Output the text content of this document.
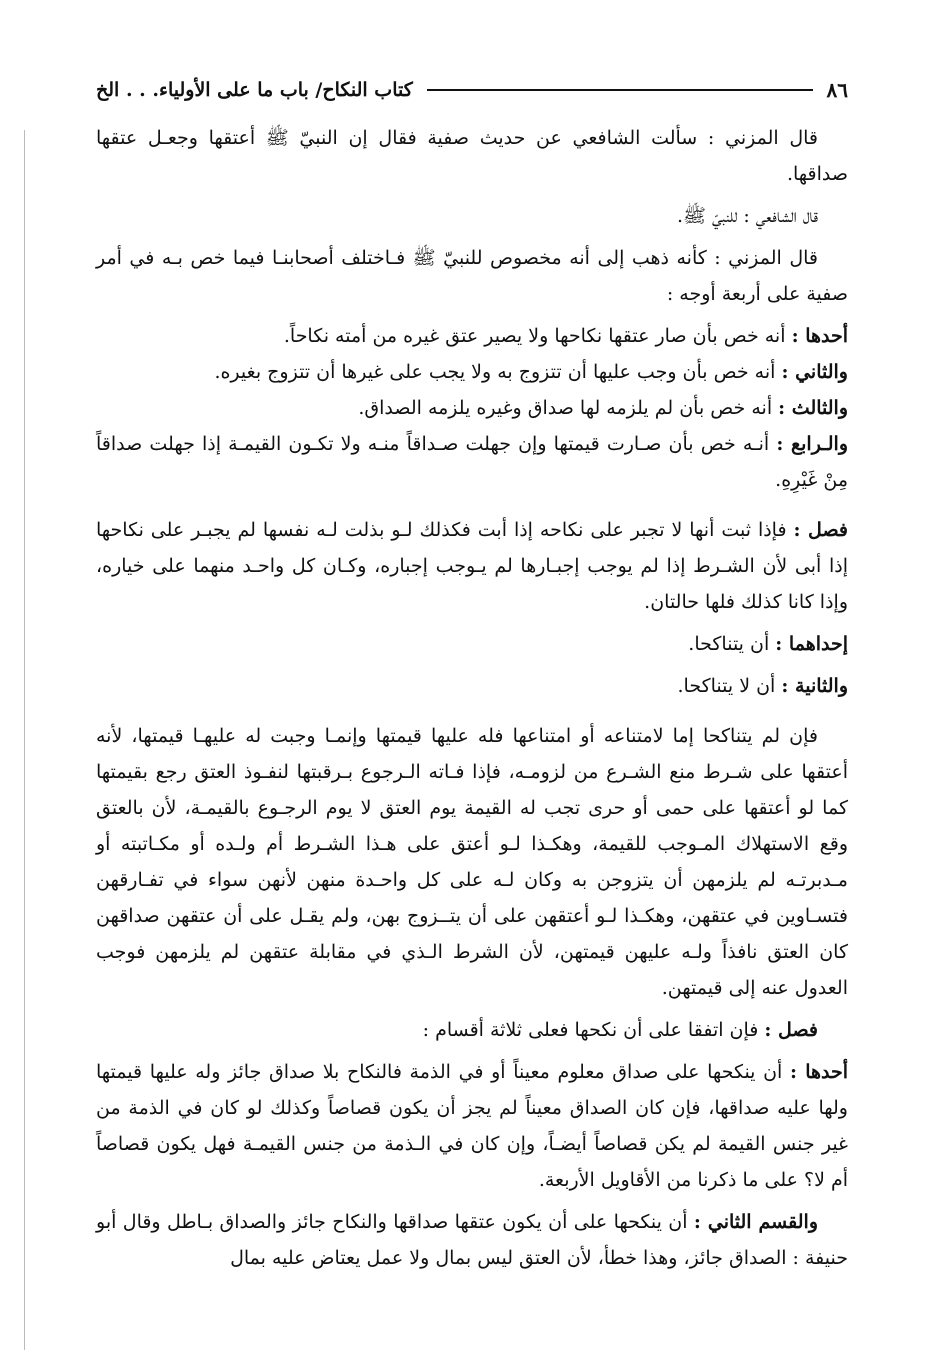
٨٦
كتاب النكاح/ باب ما على الأولياء. . . الخ

قال المزني : سألت الشافعي عن حديث صفية فقال إن النبيّ ﷺ أعتقها وجعـل عتقها صداقها.

قال الشافعي : للنبيّ ﷺ.

قال المزني : كأنه ذهب إلى أنه مخصوص للنبيّ ﷺ فـاختلف أصحابنـا فيما خص بـه في أمر صفية على أربعة أوجه :

أحدها : أنه خص بأن صار عتقها نكاحها ولا يصير عتق غيره من أمته نكاحاً.

والثاني : أنه خص بأن وجب عليها أن تتزوج به ولا يجب على غيرها أن تتزوج بغيره.

والثالث : أنه خص بأن لم يلزمه لها صداق وغيره يلزمه الصداق.

والـرابع : أنـه خص بأن صـارت قيمتها وإن جهلت صـداقاً منـه ولا تكـون القيمـة إذا جهلت صداقاً مِنْ غَيْرِهِ.

فصل : فإذا ثبت أنها لا تجبر على نكاحه إذا أبت فكذلك لـو بذلت لـه نفسها لم يجبـر على نكاحها إذا أبى لأن الشـرط إذا لم يوجب إجبـارها لم يـوجب إجباره، وكـان كل واحـد منهما على خياره، وإذا كانا كذلك فلها حالتان.

إحداهما : أن يتناكحا.

والثانية : أن لا يتناكحا.

فإن لم يتناكحا إما لامتناعه أو امتناعها فله عليها قيمتها وإنمـا وجبت له عليهـا قيمتها، لأنه أعتقها على شـرط منع الشـرع من لزومـه، فإذا فـاته الـرجوع بـرقبتها لنفـوذ العتق رجع بقيمتها كما لو أعتقها على حمى أو حرى تجب له القيمة يوم العتق لا يوم الرجـوع بالقيمـة، لأن بالعتق وقع الاستهلاك المـوجب للقيمة، وهكـذا لـو أعتق على هـذا الشـرط أم ولـده أو مكـاتبته أو مـدبرتـه لم يلزمهن أن يتزوجن به وكان لـه على كل واحـدة منهن لأنهن سواء في تفـارقهن فتسـاوين في عتقهن، وهكـذا لـو أعتقهن على أن يتــزوج بهن، ولم يقـل على أن عتقهن صداقهن كان العتق نافذاً ولـه عليهن قيمتهن، لأن الشرط الـذي في مقابلة عتقهن لم يلزمهن فوجب العدول عنه إلى قيمتهن.

فصل : فإن اتفقا على أن نكحها فعلى ثلاثة أقسام :

أحدها : أن ينكحها على صداق معلوم معيناً أو في الذمة فالنكاح بلا صداق جائز وله عليها قيمتها ولها عليه صداقها، فإن كان الصداق معيناً لم يجز أن يكون قصاصاً وكذلك لو كان في الذمة من غير جنس القيمة لم يكن قصاصاً أيضـاً، وإن كان في الـذمة من جنس القيمـة فهل يكون قصاصاً أم لا؟ على ما ذكرنا من الأقاويل الأربعة.

والقسم الثاني : أن ينكحها على أن يكون عتقها صداقها والنكاح جائز والصداق بـاطل وقال أبو حنيفة : الصداق جائز، وهذا خطأ، لأن العتق ليس بمال ولا عمل يعتاض عليه بمال
